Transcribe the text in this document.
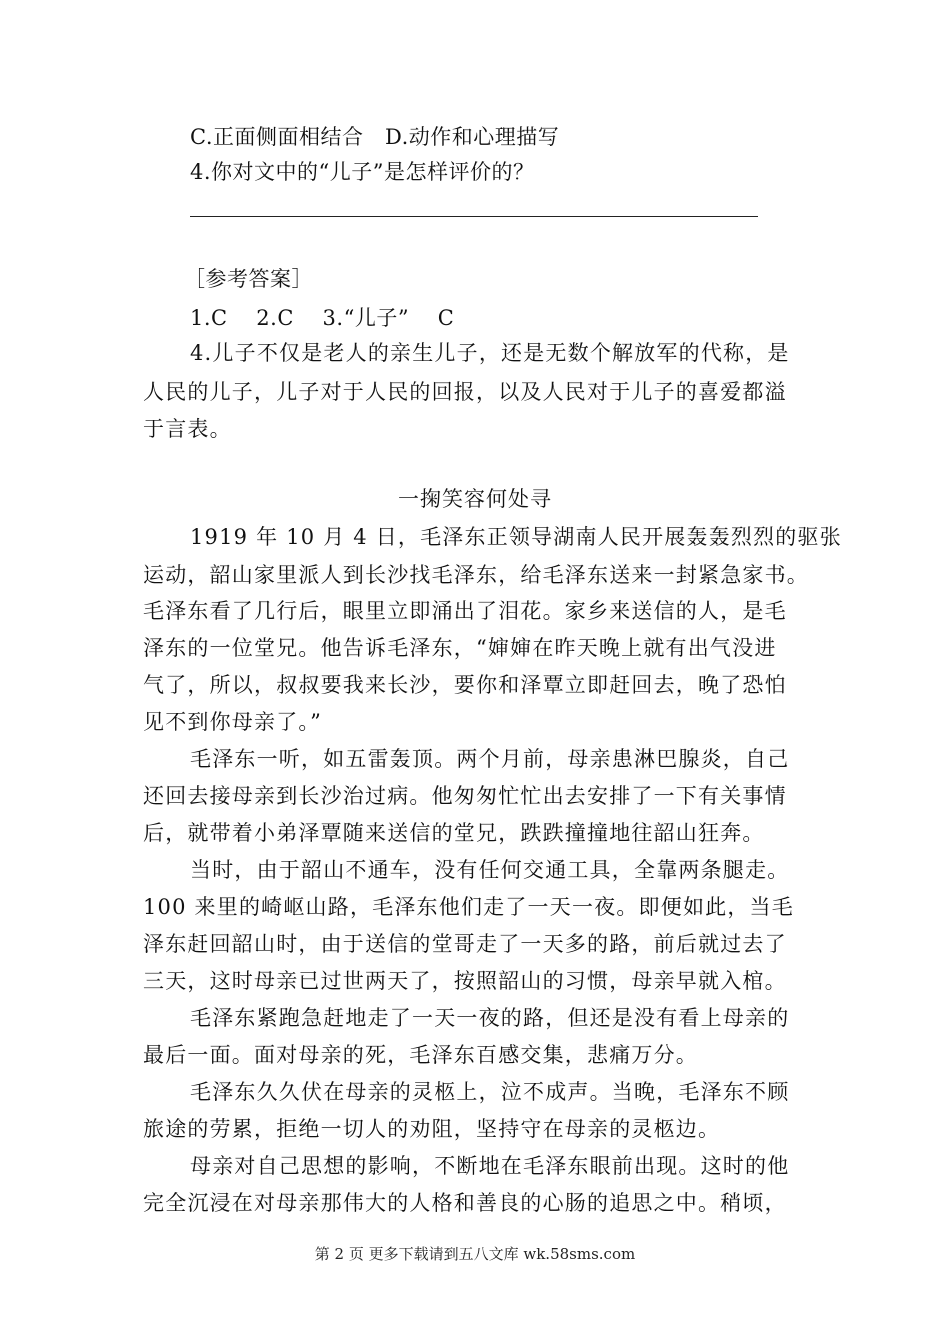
C.正面侧面相结合　D.动作和心理描写
4.你对文中的“儿子”是怎样评价的？
［参考答案］
1.C　 2.C　 3.“儿子”　 C
4.儿子不仅是老人的亲生儿子，还是无数个解放军的代称，是
人民的儿子，儿子对于人民的回报，以及人民对于儿子的喜爱都溢
于言表。
一掬笑容何处寻
1919 年 10 月 4 日，毛泽东正领导湖南人民开展轰轰烈烈的驱张
运动，韶山家里派人到长沙找毛泽东，给毛泽东送来一封紧急家书。
毛泽东看了几行后，眼里立即涌出了泪花。家乡来送信的人，是毛
泽东的一位堂兄。他告诉毛泽东，“婶婶在昨天晚上就有出气没进
气了，所以，叔叔要我来长沙，要你和泽覃立即赶回去，晚了恐怕
见不到你母亲了。”
毛泽东一听，如五雷轰顶。两个月前，母亲患淋巴腺炎，自己
还回去接母亲到长沙治过病。他匆匆忙忙出去安排了一下有关事情
后，就带着小弟泽覃随来送信的堂兄，跌跌撞撞地往韶山狂奔。
当时，由于韶山不通车，没有任何交通工具，全靠两条腿走。
100 来里的崎岖山路，毛泽东他们走了一天一夜。即便如此，当毛
泽东赶回韶山时，由于送信的堂哥走了一天多的路，前后就过去了
三天，这时母亲已过世两天了，按照韶山的习惯，母亲早就入棺。
毛泽东紧跑急赶地走了一天一夜的路，但还是没有看上母亲的
最后一面。面对母亲的死，毛泽东百感交集，悲痛万分。
毛泽东久久伏在母亲的灵柩上，泣不成声。当晚，毛泽东不顾
旅途的劳累，拒绝一切人的劝阻，坚持守在母亲的灵柩边。
母亲对自己思想的影响，不断地在毛泽东眼前出现。这时的他
完全沉浸在对母亲那伟大的人格和善良的心肠的追思之中。稍顷，
第 2 页 更多下载请到五八文库 wk.58sms.com
